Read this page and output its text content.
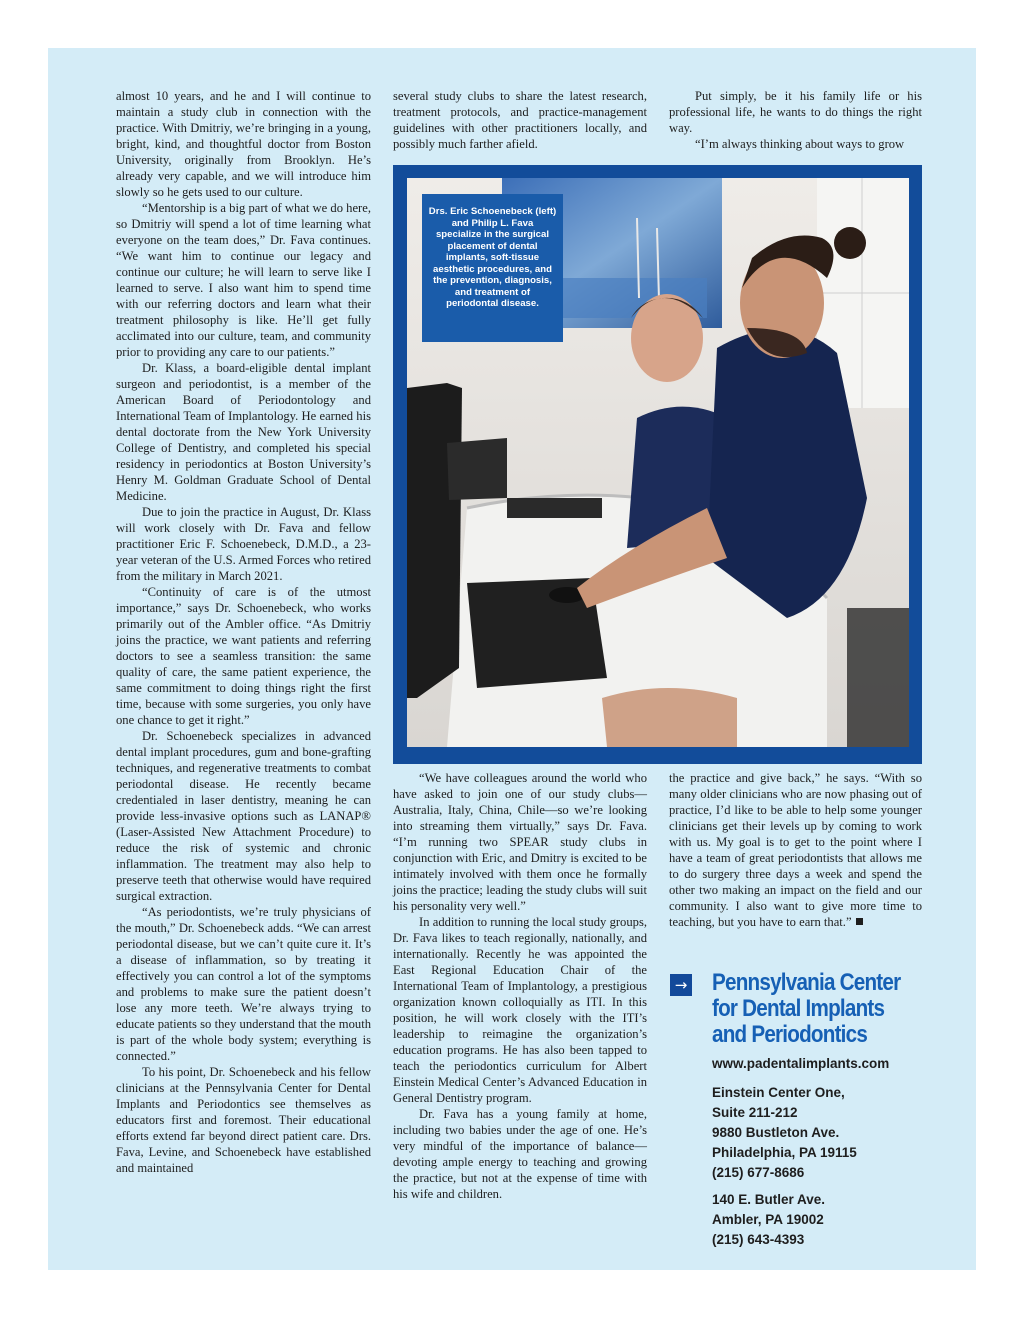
almost 10 years, and he and I will continue to maintain a study club in connection with the practice. With Dmitriy, we’re bringing in a young, bright, kind, and thoughtful doctor from Boston University, originally from Brooklyn. He’s already very capable, and we will introduce him slowly so he gets used to our culture.

“Mentorship is a big part of what we do here, so Dmitriy will spend a lot of time learning what everyone on the team does,” Dr. Fava continues. “We want him to continue our legacy and continue our culture; he will learn to serve like I learned to serve. I also want him to spend time with our referring doctors and learn what their treatment philosophy is like. He’ll get fully acclimated into our culture, team, and community prior to providing any care to our patients.”

Dr. Klass, a board-eligible dental implant surgeon and periodontist, is a member of the American Board of Periodontology and International Team of Implantology. He earned his dental doctorate from the New York University College of Dentistry, and completed his special residency in periodontics at Boston University’s Henry M. Goldman Graduate School of Dental Medicine.

Due to join the practice in August, Dr. Klass will work closely with Dr. Fava and fellow practitioner Eric F. Schoenebeck, D.M.D., a 23-year veteran of the U.S. Armed Forces who retired from the military in March 2021.

“Continuity of care is of the utmost importance,” says Dr. Schoenebeck, who works primarily out of the Ambler office. “As Dmitriy joins the practice, we want patients and referring doctors to see a seamless transition: the same quality of care, the same patient experience, the same commitment to doing things right the first time, because with some surgeries, you only have one chance to get it right.”

Dr. Schoenebeck specializes in advanced dental implant procedures, gum and bone-grafting techniques, and regenerative treatments to combat periodontal disease. He recently became credentialed in laser dentistry, meaning he can provide less-invasive options such as LANAP® (Laser-Assisted New Attachment Procedure) to reduce the risk of systemic and chronic inflammation. The treatment may also help to preserve teeth that otherwise would have required surgical extraction.

“As periodontists, we’re truly physicians of the mouth,” Dr. Schoenebeck adds. “We can arrest periodontal disease, but we can’t quite cure it. It’s a disease of inflammation, so by treating it effectively you can control a lot of the symptoms and problems to make sure the patient doesn’t lose any more teeth. We’re always trying to educate patients so they understand that the mouth is part of the whole body system; everything is connected.”

To his point, Dr. Schoenebeck and his fellow clinicians at the Pennsylvania Center for Dental Implants and Periodontics see themselves as educators first and foremost. Their educational efforts extend far beyond direct patient care. Drs. Fava, Levine, and Schoenebeck have established and maintained

several study clubs to share the latest research, treatment protocols, and practice-management guidelines with other practitioners locally, and possibly much farther afield.

Put simply, be it his family life or his professional life, he wants to do things the right way.

“I’m always thinking about ways to grow

Drs. Eric Schoenebeck (left) and Philip L. Fava specialize in the surgical placement of dental implants, soft-tissue aesthetic procedures, and the prevention, diagnosis, and treatment of periodontal disease.

“We have colleagues around the world who have asked to join one of our study clubs—Australia, Italy, China, Chile—so we’re looking into streaming them virtually,” says Dr. Fava. “I’m running two SPEAR study clubs in conjunction with Eric, and Dmitry is excited to be intimately involved with them once he formally joins the practice; leading the study clubs will suit his personality very well.”

In addition to running the local study groups, Dr. Fava likes to teach regionally, nationally, and internationally. Recently he was appointed the East Regional Education Chair of the International Team of Implantology, a prestigious organization known colloquially as ITI. In this position, he will work closely with the ITI’s leadership to reimagine the organization’s education programs. He has also been tapped to teach the periodontics curriculum for Albert Einstein Medical Center’s Advanced Education in General Dentistry program.

Dr. Fava has a young family at home, including two babies under the age of one. He’s very mindful of the importance of balance—devoting ample energy to teaching and growing the practice, but not at the expense of time with his wife and children.

the practice and give back,” he says. “With so many older clinicians who are now phasing out of practice, I’d like to be able to help some younger clinicians get their levels up by coming to work with us. My goal is to get to the point where I have a team of great periodontists that allows me to do surgery three days a week and spend the other two making an impact on the field and our community. I also want to give more time to teaching, but you have to earn that.”

→ Pennsylvania Center
for Dental Implants
and Periodontics
www.padentalimplants.com
Einstein Center One,
Suite 211-212
9880 Bustleton Ave.
Philadelphia, PA 19115
(215) 677-8686
140 E. Butler Ave.
Ambler, PA 19002
(215) 643-4393
